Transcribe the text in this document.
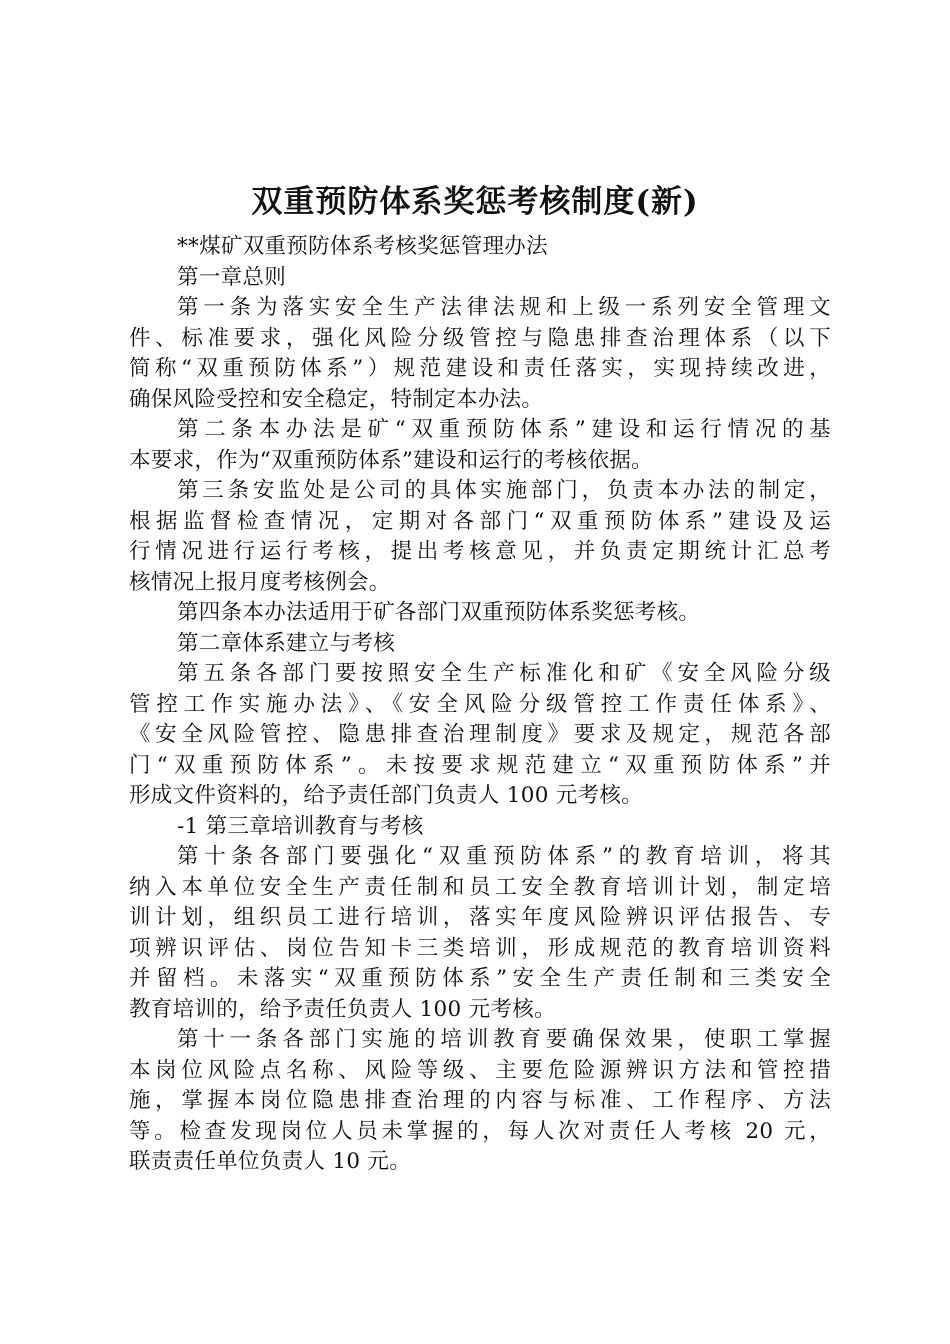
双重预防体系奖惩考核制度(新)
**煤矿双重预防体系考核奖惩管理办法
第一章总则
第一条为落实安全生产法律法规和上级一系列安全管理文
件、标准要求，强化风险分级管控与隐患排查治理体系（以下
简称“双重预防体系”）规范建设和责任落实，实现持续改进，
确保风险受控和安全稳定，特制定本办法。
第二条本办法是矿“双重预防体系”建设和运行情况的基
本要求，作为“双重预防体系”建设和运行的考核依据。
第三条安监处是公司的具体实施部门，负责本办法的制定，
根据监督检查情况，定期对各部门“双重预防体系”建设及运
行情况进行运行考核，提出考核意见，并负责定期统计汇总考
核情况上报月度考核例会。
第四条本办法适用于矿各部门双重预防体系奖惩考核。
第二章体系建立与考核
第五条各部门要按照安全生产标准化和矿《安全风险分级
管控工作实施办法》、《安全风险分级管控工作责任体系》、
《安全风险管控、隐患排查治理制度》要求及规定，规范各部
门“双重预防体系”。未按要求规范建立“双重预防体系”并
形成文件资料的，给予责任部门负责人 100 元考核。
-1 第三章培训教育与考核
第十条各部门要强化“双重预防体系”的教育培训，将其
纳入本单位安全生产责任制和员工安全教育培训计划，制定培
训计划，组织员工进行培训，落实年度风险辨识评估报告、专
项辨识评估、岗位告知卡三类培训，形成规范的教育培训资料
并留档。未落实“双重预防体系”安全生产责任制和三类安全
教育培训的，给予责任负责人 100 元考核。
第十一条各部门实施的培训教育要确保效果，使职工掌握
本岗位风险点名称、风险等级、主要危险源辨识方法和管控措
施，掌握本岗位隐患排查治理的内容与标准、工作程序、方法
等。检查发现岗位人员未掌握的，每人次对责任人考核 20 元，
联责责任单位负责人 10 元。
